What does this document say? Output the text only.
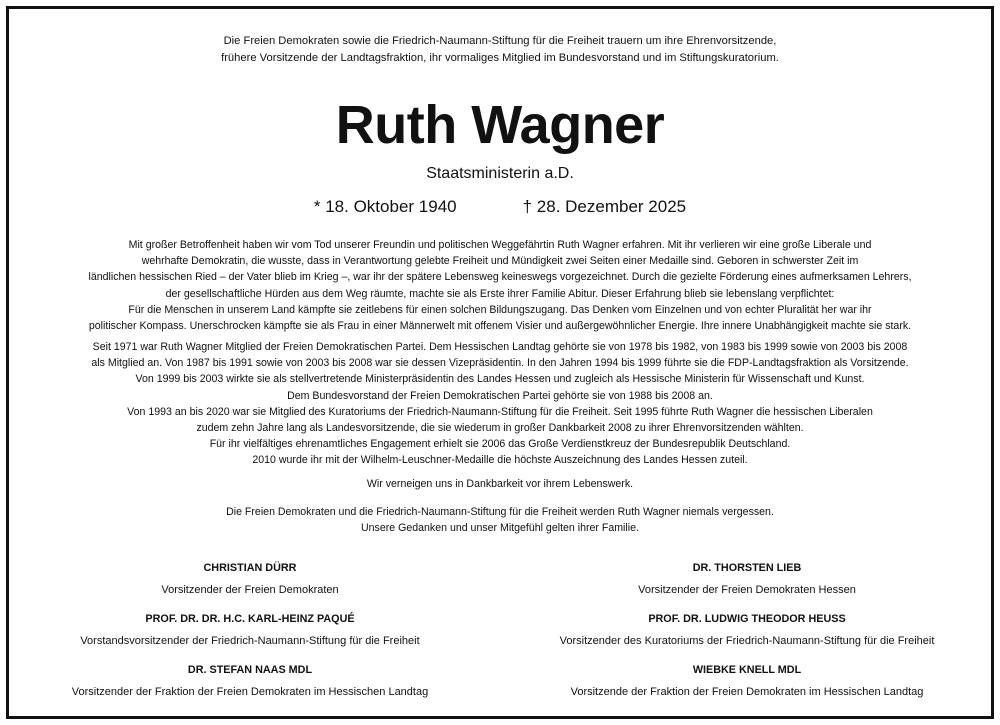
Die Freien Demokraten sowie die Friedrich-Naumann-Stiftung für die Freiheit trauern um ihre Ehrenvorsitzende,
frühere Vorsitzende der Landtagsfraktion, ihr vormaliges Mitglied im Bundesvorstand und im Stiftungskuratorium.
Ruth Wagner
Staatsministerin a.D.
* 18. Oktober 1940	† 28. Dezember 2025
Mit großer Betroffenheit haben wir vom Tod unserer Freundin und politischen Weggefährtin Ruth Wagner erfahren. Mit ihr verlieren wir eine große Liberale und
wehrhafte Demokratin, die wusste, dass in Verantwortung gelebte Freiheit und Mündigkeit zwei Seiten einer Medaille sind. Geboren in schwerster Zeit im
ländlichen hessischen Ried – der Vater blieb im Krieg –, war ihr der spätere Lebensweg keineswegs vorgezeichnet. Durch die gezielte Förderung eines aufmerksamen Lehrers,
der gesellschaftliche Hürden aus dem Weg räumte, machte sie als Erste ihrer Familie Abitur. Dieser Erfahrung blieb sie lebenslang verpflichtet:
Für die Menschen in unserem Land kämpfte sie zeitlebens für einen solchen Bildungszugang. Das Denken vom Einzelnen und von echter Pluralität her war ihr
politischer Kompass. Unerschrocken kämpfte sie als Frau in einer Männerwelt mit offenem Visier und außergewöhnlicher Energie. Ihre innere Unabhängigkeit machte sie stark.
Seit 1971 war Ruth Wagner Mitglied der Freien Demokratischen Partei. Dem Hessischen Landtag gehörte sie von 1978 bis 1982, von 1983 bis 1999 sowie von 2003 bis 2008
als Mitglied an. Von 1987 bis 1991 sowie von 2003 bis 2008 war sie dessen Vizepräsidentin. In den Jahren 1994 bis 1999 führte sie die FDP-Landtagsfraktion als Vorsitzende.
Von 1999 bis 2003 wirkte sie als stellvertretende Ministerpräsidentin des Landes Hessen und zugleich als Hessische Ministerin für Wissenschaft und Kunst.
Dem Bundesvorstand der Freien Demokratischen Partei gehörte sie von 1988 bis 2008 an.
Von 1993 an bis 2020 war sie Mitglied des Kuratoriums der Friedrich-Naumann-Stiftung für die Freiheit. Seit 1995 führte Ruth Wagner die hessischen Liberalen
zudem zehn Jahre lang als Landesvorsitzende, die sie wiederum in großer Dankbarkeit 2008 zu ihrer Ehrenvorsitzenden wählten.
Für ihr vielfältiges ehrenamtliches Engagement erhielt sie 2006 das Große Verdienstkreuz der Bundesrepublik Deutschland.
2010 wurde ihr mit der Wilhelm-Leuschner-Medaille die höchste Auszeichnung des Landes Hessen zuteil.
Wir verneigen uns in Dankbarkeit vor ihrem Lebenswerk.
Die Freien Demokraten und die Friedrich-Naumann-Stiftung für die Freiheit werden Ruth Wagner niemals vergessen.
Unsere Gedanken und unser Mitgefühl gelten ihrer Familie.
CHRISTIAN DÜRR
Vorsitzender der Freien Demokraten
DR. THORSTEN LIEB
Vorsitzender der Freien Demokraten Hessen
PROF. DR. DR. H.C. KARL-HEINZ PAQUÉ
Vorstandsvorsitzender der Friedrich-Naumann-Stiftung für die Freiheit
PROF. DR. LUDWIG THEODOR HEUSS
Vorsitzender des Kuratoriums der Friedrich-Naumann-Stiftung für die Freiheit
DR. STEFAN NAAS MDL
Vorsitzender der Fraktion der Freien Demokraten im Hessischen Landtag
WIEBKE KNELL MDL
Vorsitzende der Fraktion der Freien Demokraten im Hessischen Landtag
